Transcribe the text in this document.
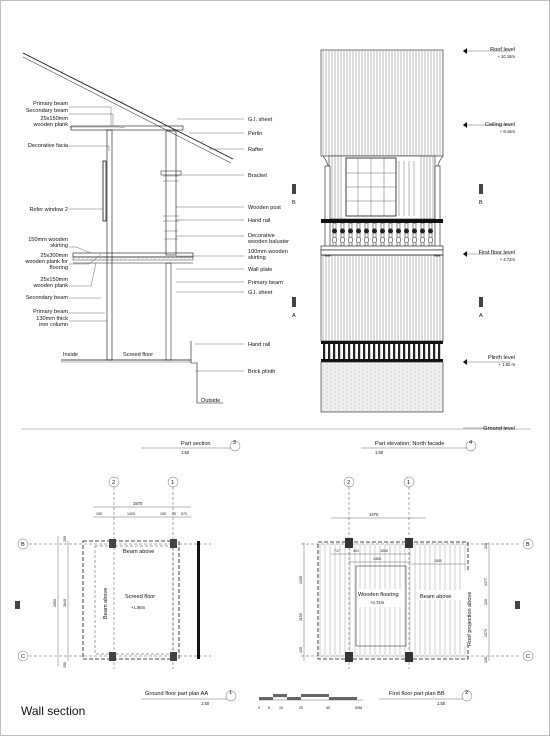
Primary beam
Secondary beam
25x150mm
wooden plank
Decorative facia
Refer window 2
150mm wooden
skirting
25x300mm
wooden plank for
flooring
25x150mm
wooden plank
Secondary beam
Primary beam
130mm thick
iron column
Inside	Screed floor
Outside
G.I. sheet
Perlin
Rafter
Bracket
Wooden post
Hand rail
Decorative
wooden baluster
100mm wooden
skirting
Wall plate
Primary beam
G.I. sheet
Hand rail
Brick plinth
Roof level
+ 10.18m
Ceiling level
+ 8.16m
First floor level
+ 4.72m
Plinth level
+ 1.82 m
Ground level
B	B
A	A
Part section	3
1:50
Part elevation: North facade	4
1:50
Ground floor part plan AA	1
1:50
First floor part plan BB	2
1:50
2	1
1570
150	1420	150 20 570
B
C
2950 2640
150
150
Beam above
Beam above	Screed floor
+1.95m
2	1
1470
717	401	1000
1400	1500
B
C
1295
1150
435
135
1377
120
1373
135
Wooden flooring
+4.72m
Beam above	Roof projection above
0 5	10	20	40	50M
Wall section
